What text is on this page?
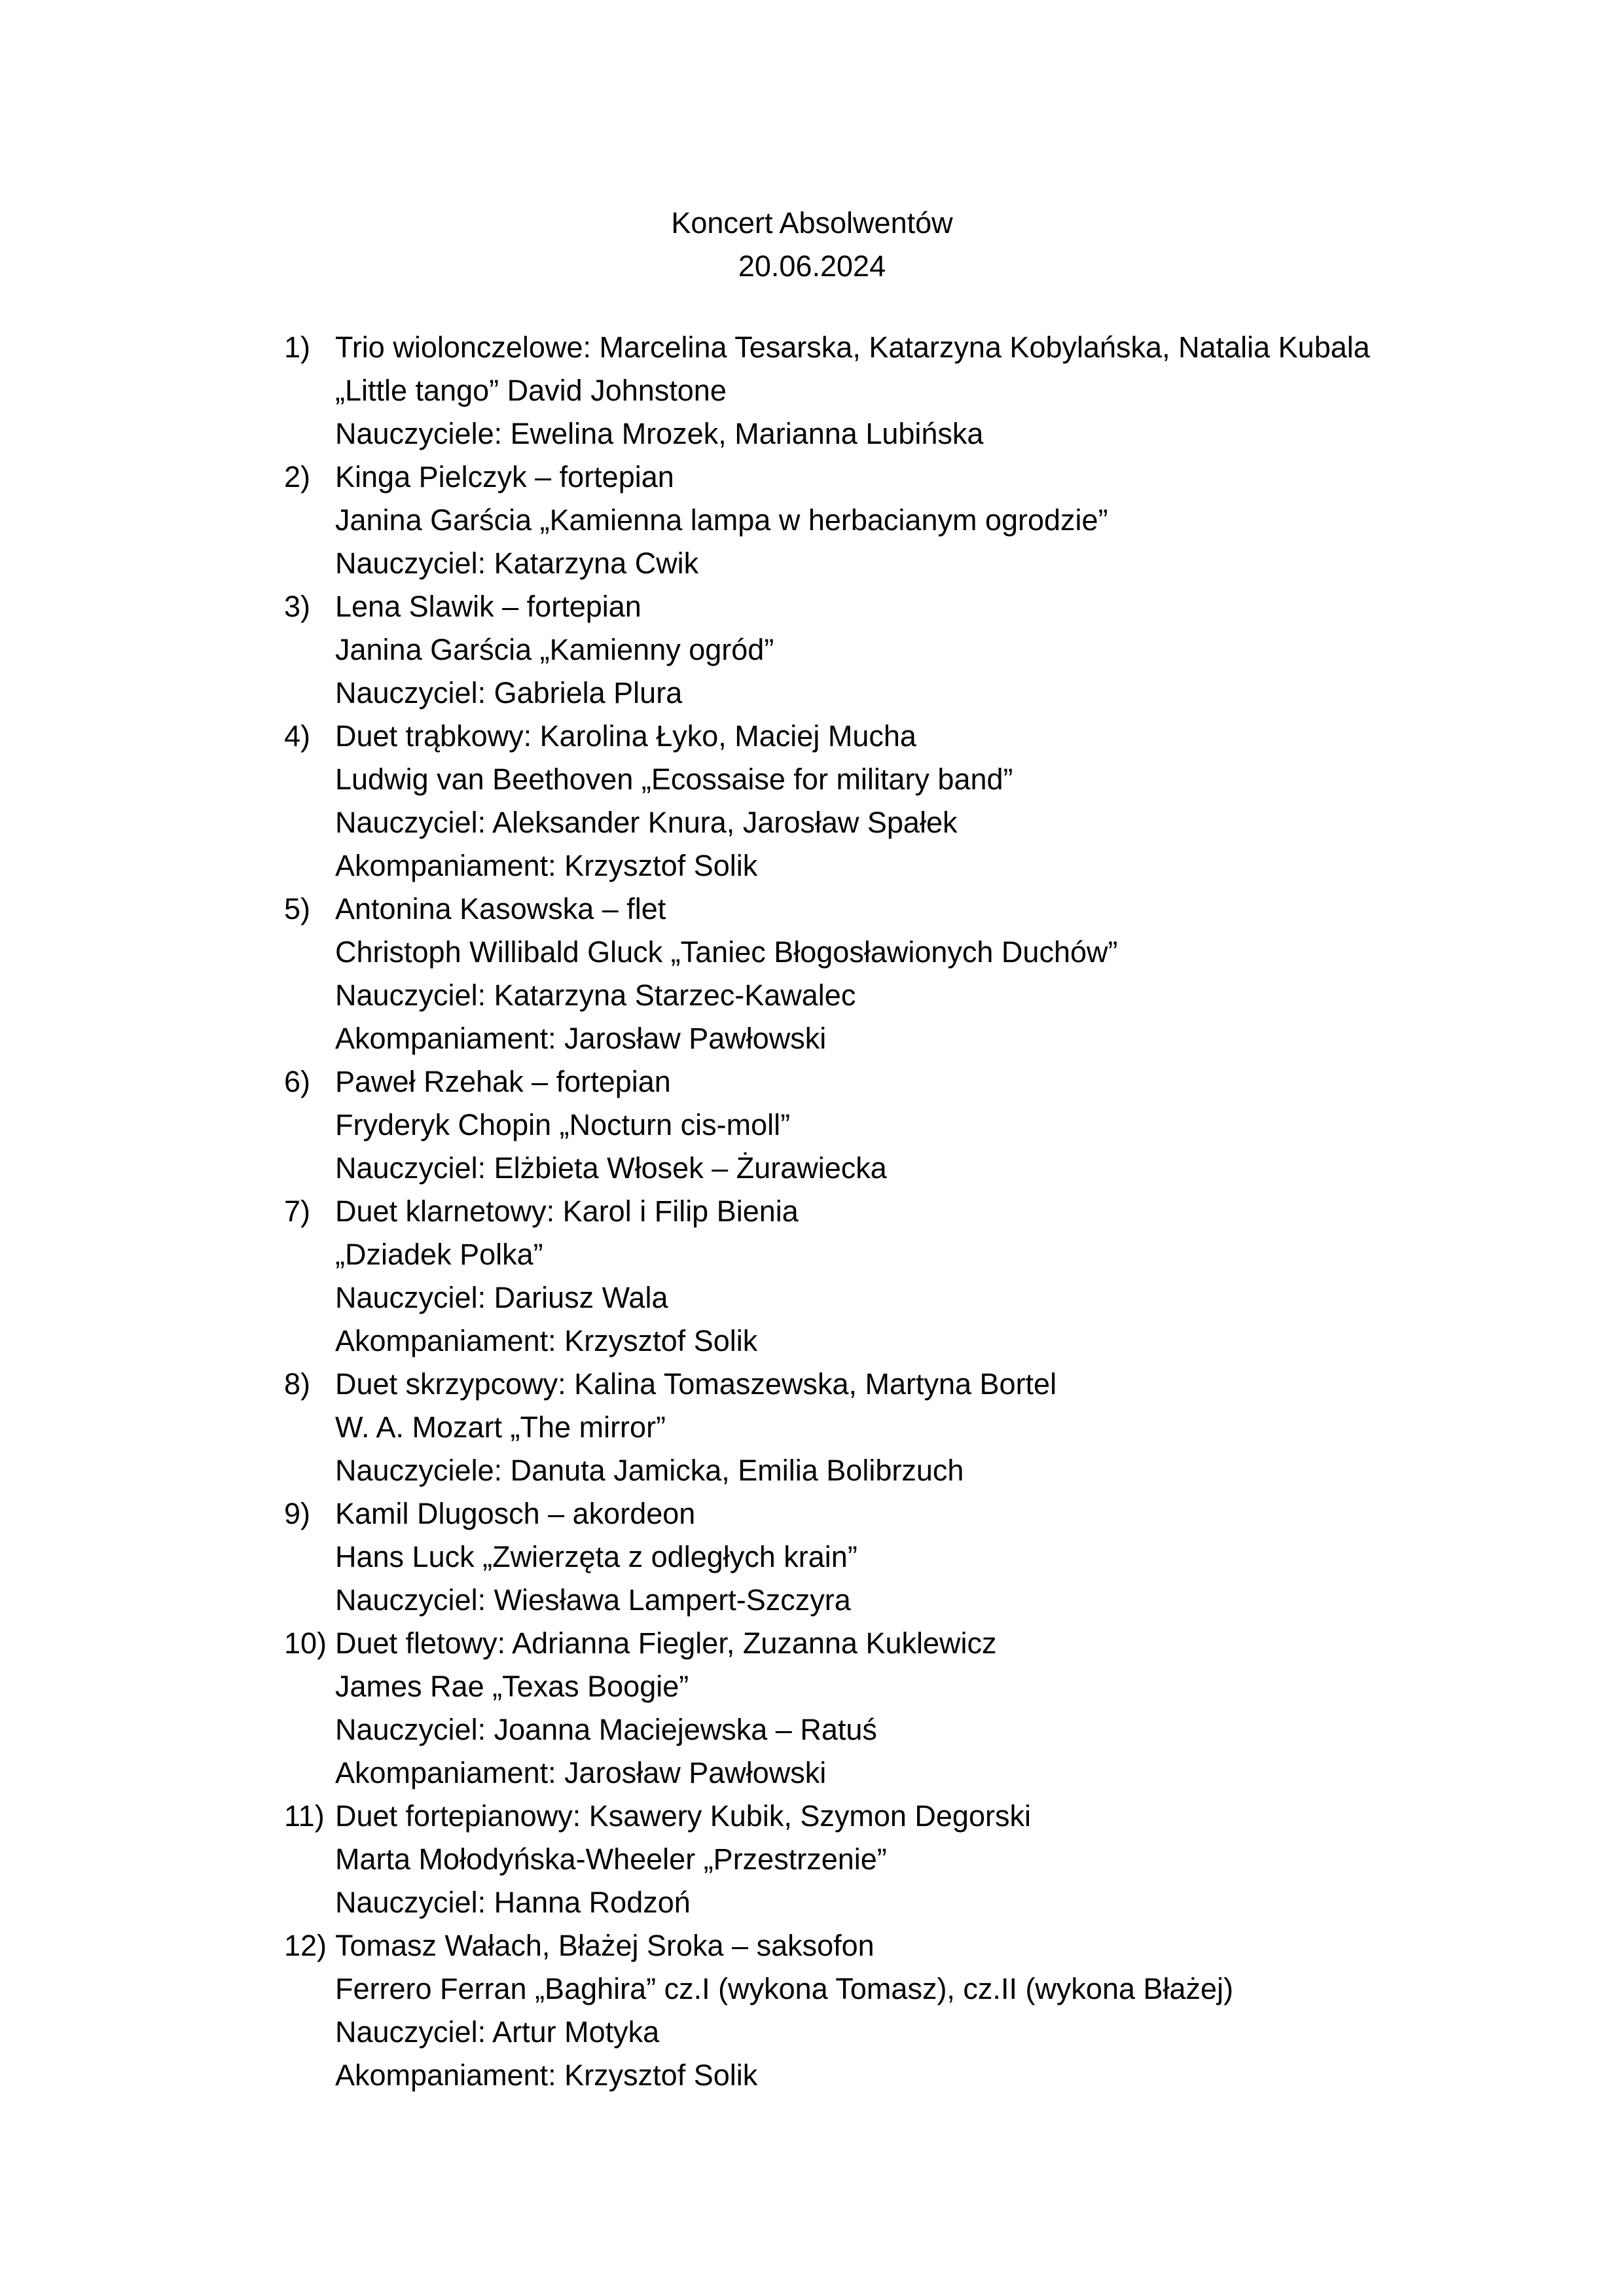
Koncert Absolwentów
20.06.2024
1) Trio wiolonczelowe: Marcelina Tesarska, Katarzyna Kobylańska, Natalia Kubala
„Little tango” David Johnstone
Nauczyciele: Ewelina Mrozek, Marianna Lubińska
2) Kinga Pielczyk – fortepian
Janina Garścia „Kamienna lampa w herbacianym ogrodzie”
Nauczyciel: Katarzyna Cwik
3) Lena Slawik – fortepian
Janina Garścia „Kamienny ogród”
Nauczyciel: Gabriela Plura
4) Duet trąbkowy: Karolina Łyko, Maciej Mucha
Ludwig van Beethoven „Ecossaise for military band”
Nauczyciel: Aleksander Knura, Jarosław Spałek
Akompaniament: Krzysztof Solik
5) Antonina Kasowska – flet
Christoph Willibald Gluck „Taniec Błogosławionych Duchów”
Nauczyciel: Katarzyna Starzec-Kawalec
Akompaniament: Jarosław Pawłowski
6) Paweł Rzehak – fortepian
Fryderyk Chopin „Nocturn cis-moll”
Nauczyciel: Elżbieta Włosek – Żurawiecka
7) Duet klarnetowy: Karol i Filip Bienia
„Dziadek Polka”
Nauczyciel: Dariusz Wala
Akompaniament: Krzysztof Solik
8) Duet skrzypcowy: Kalina Tomaszewska, Martyna Bortel
W. A. Mozart „The mirror”
Nauczyciele: Danuta Jamicka, Emilia Bolibrzuch
9) Kamil Dlugosch – akordeon
Hans Luck „Zwierzęta z odległych krain”
Nauczyciel: Wiesława Lampert-Szczyra
10) Duet fletowy: Adrianna Fiegler, Zuzanna Kuklewicz
James Rae „Texas Boogie”
Nauczyciel: Joanna Maciejewska – Ratuś
Akompaniament: Jarosław Pawłowski
11) Duet fortepianowy: Ksawery Kubik, Szymon Degorski
Marta Mołodyńska-Wheeler „Przestrzenie”
Nauczyciel: Hanna Rodzoń
12) Tomasz Wałach, Błażej Sroka – saksofon
Ferrero Ferran „Baghira” cz.I (wykona Tomasz), cz.II (wykona Błażej)
Nauczyciel: Artur Motyka
Akompaniament: Krzysztof Solik
